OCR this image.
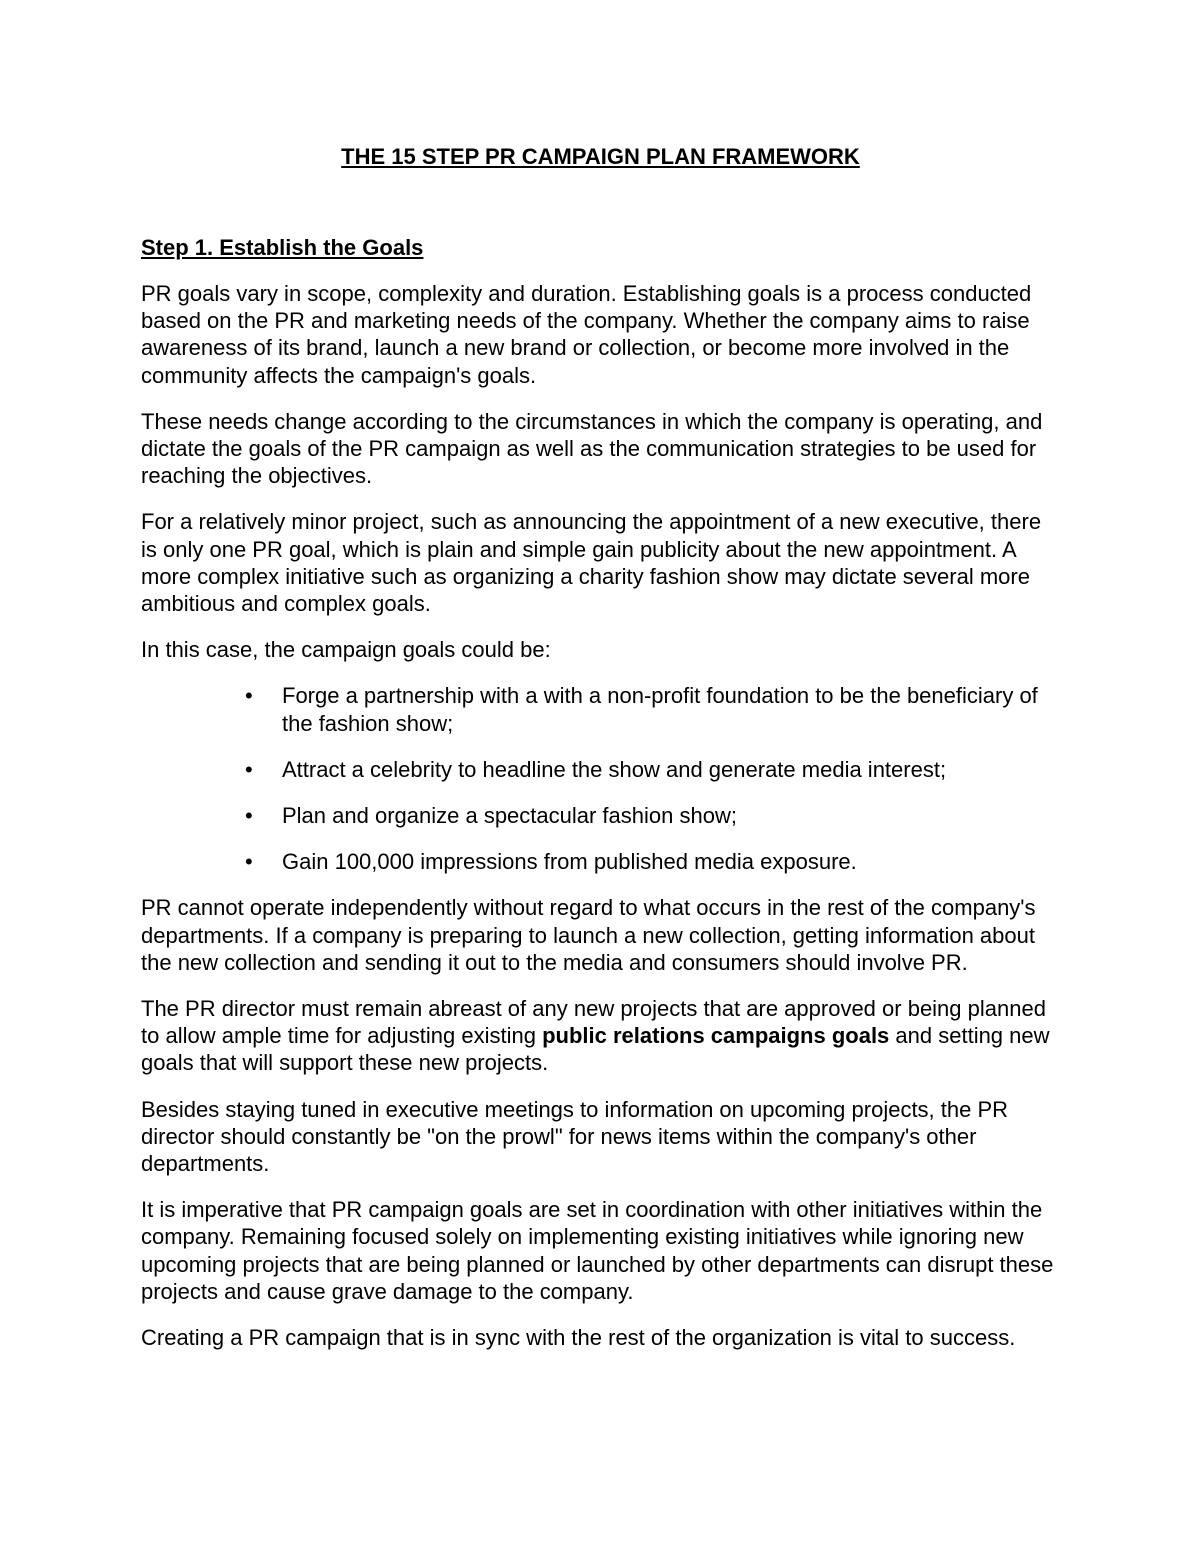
THE 15 STEP PR CAMPAIGN PLAN FRAMEWORK
Step 1. Establish the Goals

PR goals vary in scope, complexity and duration. Establishing goals is a process conducted based on the PR and marketing needs of the company. Whether the company aims to raise awareness of its brand, launch a new brand or collection, or become more involved in the community affects the campaign's goals.

These needs change according to the circumstances in which the company is operating, and dictate the goals of the PR campaign as well as the communication strategies to be used for reaching the objectives.

For a relatively minor project, such as announcing the appointment of a new executive, there is only one PR goal, which is plain and simple gain publicity about the new appointment. A more complex initiative such as organizing a charity fashion show may dictate several more ambitious and complex goals.

In this case, the campaign goals could be:

• Forge a partnership with a with a non-profit foundation to be the beneficiary of the fashion show;
• Attract a celebrity to headline the show and generate media interest;
• Plan and organize a spectacular fashion show;
• Gain 100,000 impressions from published media exposure.

PR cannot operate independently without regard to what occurs in the rest of the company's departments. If a company is preparing to launch a new collection, getting information about the new collection and sending it out to the media and consumers should involve PR.

The PR director must remain abreast of any new projects that are approved or being planned to allow ample time for adjusting existing public relations campaigns goals and setting new goals that will support these new projects.

Besides staying tuned in executive meetings to information on upcoming projects, the PR director should constantly be "on the prowl" for news items within the company's other departments.

It is imperative that PR campaign goals are set in coordination with other initiatives within the company. Remaining focused solely on implementing existing initiatives while ignoring new upcoming projects that are being planned or launched by other departments can disrupt these projects and cause grave damage to the company.

Creating a PR campaign that is in sync with the rest of the organization is vital to success.
